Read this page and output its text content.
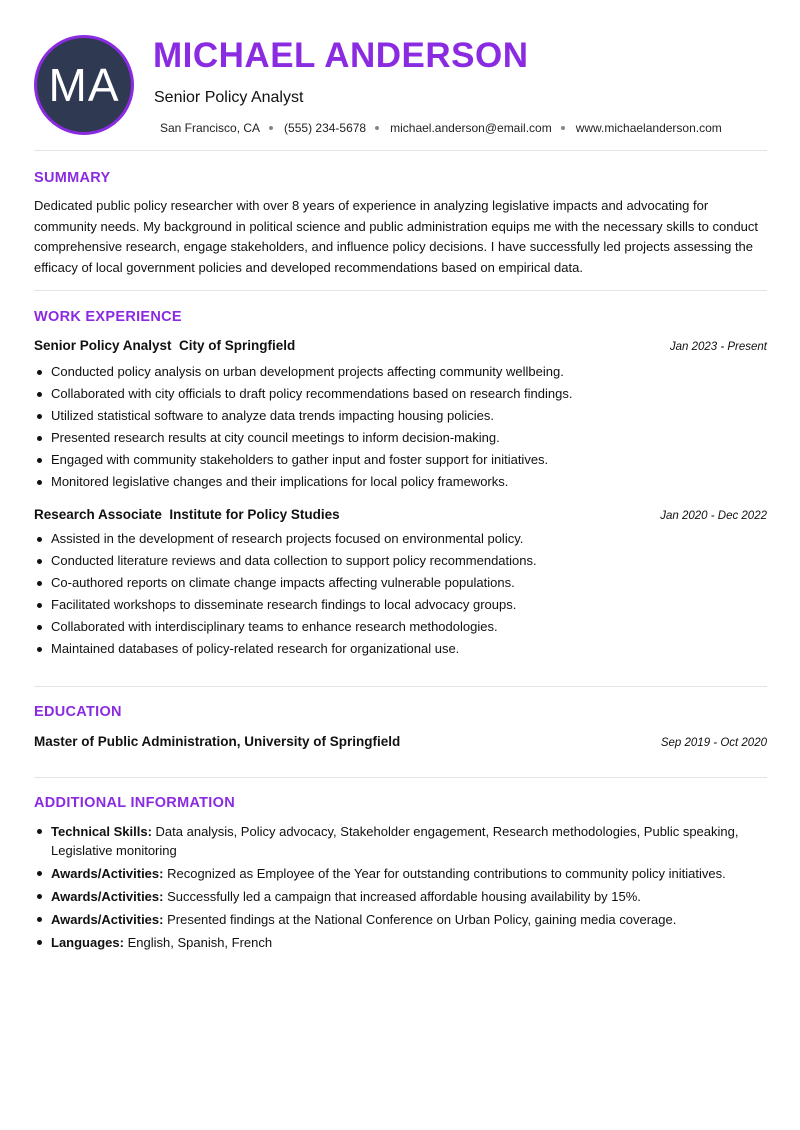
MA
MICHAEL ANDERSON
Senior Policy Analyst
San Francisco, CA (555) 234-5678 michael.anderson@email.com www.michaelanderson.com
SUMMARY
Dedicated public policy researcher with over 8 years of experience in analyzing legislative impacts and advocating for community needs. My background in political science and public administration equips me with the necessary skills to conduct comprehensive research, engage stakeholders, and influence policy decisions. I have successfully led projects assessing the efficacy of local government policies and developed recommendations based on empirical data.
WORK EXPERIENCE
Senior Policy Analyst  City of Springfield	Jan 2023 - Present
Conducted policy analysis on urban development projects affecting community wellbeing.
Collaborated with city officials to draft policy recommendations based on research findings.
Utilized statistical software to analyze data trends impacting housing policies.
Presented research results at city council meetings to inform decision-making.
Engaged with community stakeholders to gather input and foster support for initiatives.
Monitored legislative changes and their implications for local policy frameworks.
Research Associate  Institute for Policy Studies	Jan 2020 - Dec 2022
Assisted in the development of research projects focused on environmental policy.
Conducted literature reviews and data collection to support policy recommendations.
Co-authored reports on climate change impacts affecting vulnerable populations.
Facilitated workshops to disseminate research findings to local advocacy groups.
Collaborated with interdisciplinary teams to enhance research methodologies.
Maintained databases of policy-related research for organizational use.
EDUCATION
Master of Public Administration, University of Springfield	Sep 2019 - Oct 2020
ADDITIONAL INFORMATION
Technical Skills: Data analysis, Policy advocacy, Stakeholder engagement, Research methodologies, Public speaking, Legislative monitoring
Awards/Activities: Recognized as Employee of the Year for outstanding contributions to community policy initiatives.
Awards/Activities: Successfully led a campaign that increased affordable housing availability by 15%.
Awards/Activities: Presented findings at the National Conference on Urban Policy, gaining media coverage.
Languages: English, Spanish, French
